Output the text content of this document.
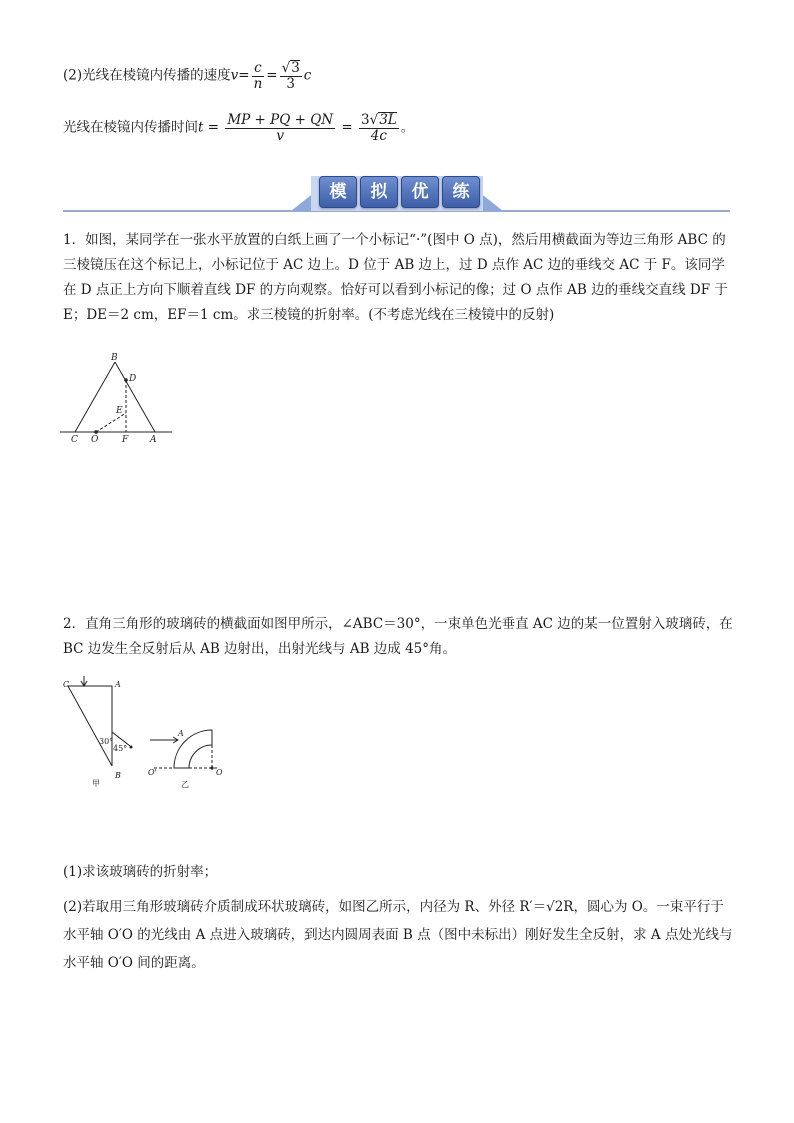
(2)光线在棱镜内传播的速度$v= \frac{c}{n} = \frac{√3}{3}$ c
光线在棱镜内传播时间$t = \frac{MP + PQ + QN}{v} = \frac{3√3L}{4c}$ 。
模	拟	优	练
1．如图，某同学在一张水平放置的白纸上画了一个小标记“·”(图中 O 点)，然后用横截面为等边三角形 ABC 的三棱镜压在这个标记上，小标记位于 AC 边上。D 位于 AB 边上，过 D 点作 AC 边的垂线交 AC 于 F。该同学在 D 点正上方向下顺着直线 DF 的方向观察。恰好可以看到小标记的像；过 O 点作 AB 边的垂线交直线 DF 于 E；DE＝2 cm，EF＝1 cm。求三棱镜的折射率。(不考虑光线在三棱镜中的反射)
B
D
E
C O	F A
2．直角三角形的玻璃砖的横截面如图甲所示，∠ABC＝30°，一束单色光垂直 AC 边的某一位置射入玻璃砖，在 BC 边发生全反射后从 AB 边射出，出射光线与 AB 边成 45°角。
C	A
B
30°
45°
甲
A
O'	O
乙
(1)求该玻璃砖的折射率；
(2)若取用三角形玻璃砖介质制成环状玻璃砖，如图乙所示，内径为 R、外径 R′＝√2R，圆心为 O。一束平行于水平轴 O′O 的光线由 A 点进入玻璃砖，到达内圆周表面 B 点（图中未标出）刚好发生全反射，求 A 点处光线与水平轴 O′O 间的距离。
